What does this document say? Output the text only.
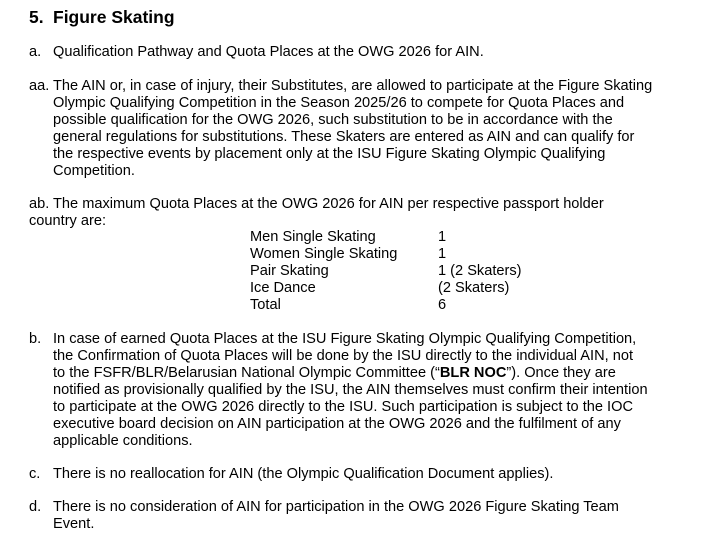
5. Figure Skating
a. Qualification Pathway and Quota Places at the OWG 2026 for AIN.
aa. The AIN or, in case of injury, their Substitutes, are allowed to participate at the Figure Skating
Olympic Qualifying Competition in the Season 2025/26 to compete for Quota Places and
possible qualification for the OWG 2026, such substitution to be in accordance with the
general regulations for substitutions. These Skaters are entered as AIN and can qualify for
the respective events by placement only at the ISU Figure Skating Olympic Qualifying
Competition.
ab. The maximum Quota Places at the OWG 2026 for AIN per respective passport holder
country are:
Men Single Skating	1
Women Single Skating	1
Pair Skating	1 (2 Skaters)
Ice Dance	(2 Skaters)
Total	6
b. In case of earned Quota Places at the ISU Figure Skating Olympic Qualifying Competition,
the Confirmation of Quota Places will be done by the ISU directly to the individual AIN, not
to the FSFR/BLR/Belarusian National Olympic Committee (“BLR NOC”). Once they are
notified as provisionally qualified by the ISU, the AIN themselves must confirm their intention
to participate at the OWG 2026 directly to the ISU. Such participation is subject to the IOC
executive board decision on AIN participation at the OWG 2026 and the fulfilment of any
applicable conditions.
c. There is no reallocation for AIN (the Olympic Qualification Document applies).
d. There is no consideration of AIN for participation in the OWG 2026 Figure Skating Team
Event.
